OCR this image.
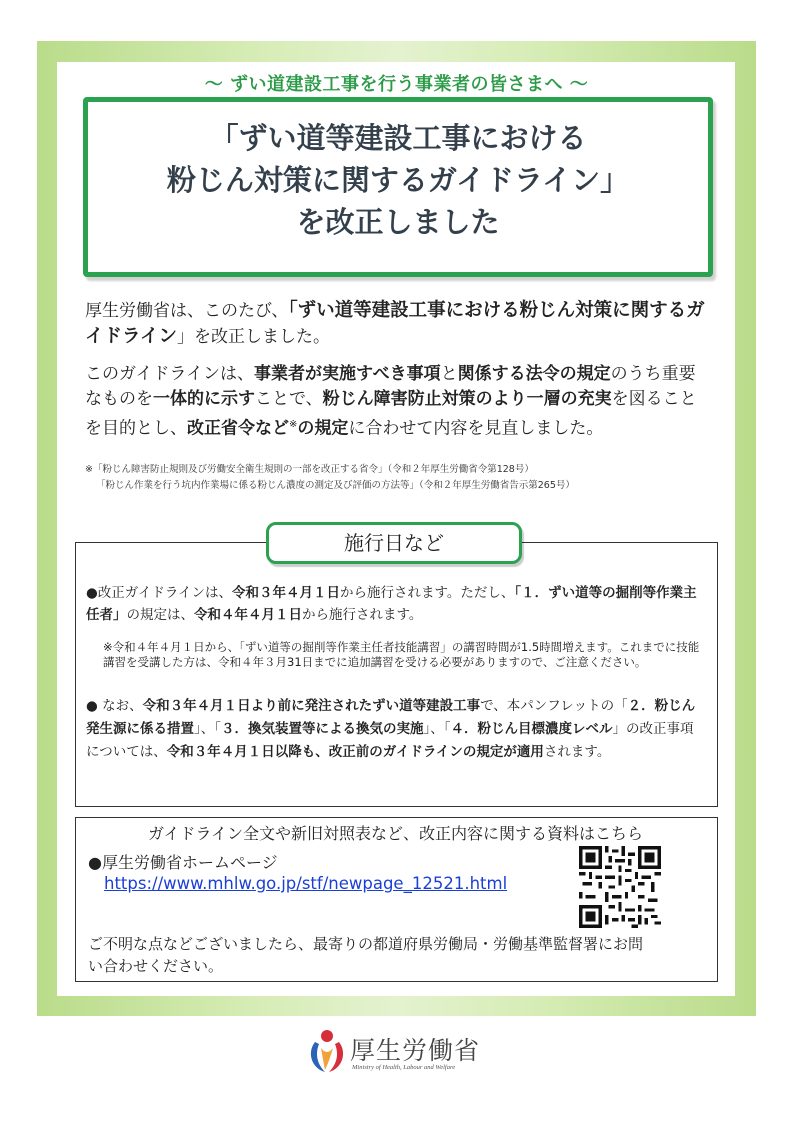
〜 ずい道建設工事を行う事業者の皆さまへ 〜
「ずい道等建設工事における
粉じん対策に関するガイドライン」
を改正しました
厚生労働省は、このたび、「ずい道等建設工事における粉じん対策に関するガイドライン」を改正しました。
このガイドラインは、事業者が実施すべき事項と関係する法令の規定のうち重要なものを一体的に示すことで、粉じん障害防止対策のより一層の充実を図ることを目的とし、改正省令など※の規定に合わせて内容を見直しました。
※「粉じん障害防止規則及び労働安全衛生規則の一部を改正する省令」（令和２年厚生労働省令第128号）
「粉じん作業を行う坑内作業場に係る粉じん濃度の測定及び評価の方法等」（令和２年厚生労働省告示第265号）
施行日など
●改正ガイドラインは、令和３年４月１日から施行されます。ただし、「１．ずい道等の掘削等作業主任者」の規定は、令和４年４月１日から施行されます。
※令和４年４月１日から、「ずい道等の掘削等作業主任者技能講習」の講習時間が1.5時間増えます。これまでに技能講習を受講した方は、令和４年３月31日までに追加講習を受ける必要がありますので、ご注意ください。
● なお、令和３年４月１日より前に発注されたずい道等建設工事で、本パンフレットの「２．粉じん発生源に係る措置」、「３．換気装置等による換気の実施」、「４．粉じん目標濃度レベル」の改正事項については、令和３年４月１日以降も、改正前のガイドラインの規定が適用されます。
ガイドライン全文や新旧対照表など、改正内容に関する資料はこちら
●厚生労働省ホームページ
https://www.mhlw.go.jp/stf/newpage_12521.html
ご不明な点などございましたら、最寄りの都道府県労働局・労働基準監督署にお問い合わせください。
厚生労働省
Ministry of Health, Labour and Welfare
